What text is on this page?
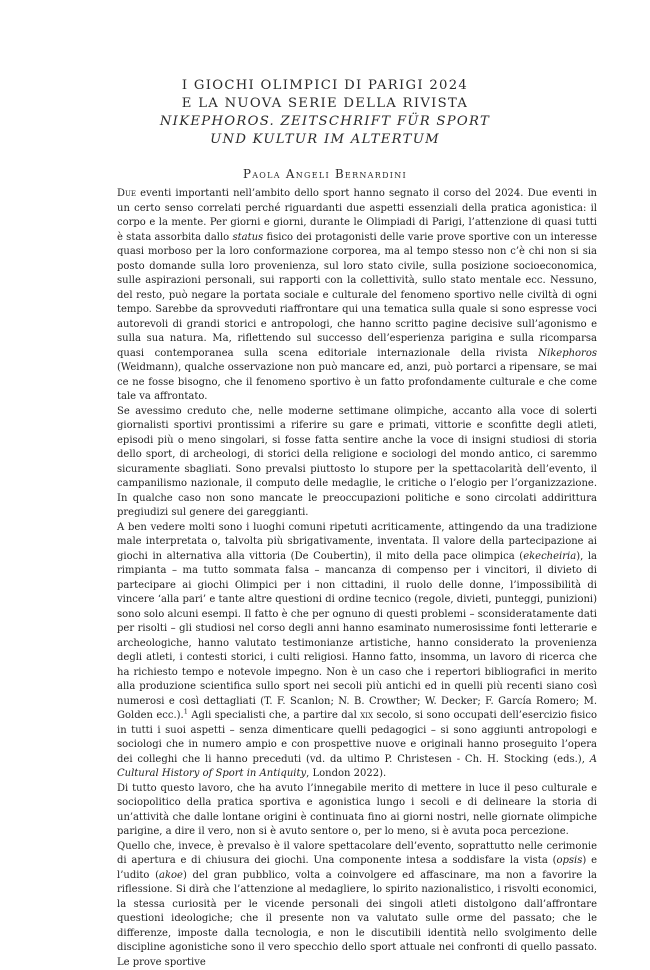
I GIOCHI OLIMPICI DI PARIGI 2024
E LA NUOVA SERIE DELLA RIVISTA
NIKEPHOROS. ZEITSCHRIFT FÜR SPORT
UND KULTUR IM ALTERTUM
Paola Angeli Bernardini

Due eventi importanti nell’ambito dello sport hanno segnato il corso del 2024. Due eventi in un certo senso correlati perché riguardanti due aspetti essenziali della pratica agonistica: il corpo e la mente. Per giorni e giorni, durante le Olimpiadi di Parigi, l’attenzione di quasi tutti è stata assorbita dallo status fisico dei protagonisti delle varie prove sportive con un interesse quasi morboso per la loro conformazione corporea, ma al tempo stesso non c’è chi non si sia posto domande sulla loro provenienza, sul loro stato civile, sulla posizione socioeconomica, sulle aspirazioni personali, sui rapporti con la collettività, sullo stato mentale ecc. Nessuno, del resto, può negare la portata sociale e culturale del fenomeno sportivo nelle civiltà di ogni tempo. Sarebbe da sprovveduti riaffrontare qui una tematica sulla quale si sono espresse voci autorevoli di grandi storici e antropologi, che hanno scritto pagine decisive sull’agonismo e sulla sua natura. Ma, riflettendo sul successo dell’esperienza parigina e sulla ricomparsa quasi contemporanea sulla scena editoriale internazionale della rivista Nikephoros (Weidmann), qualche osservazione non può mancare ed, anzi, può portarci a ripensare, se mai ce ne fosse bisogno, che il fenomeno sportivo è un fatto profondamente culturale e che come tale va affrontato.

Se avessimo creduto che, nelle moderne settimane olimpiche, accanto alla voce di solerti giornalisti sportivi prontissimi a riferire su gare e primati, vittorie e sconfitte degli atleti, episodi più o meno singolari, si fosse fatta sentire anche la voce di insigni studiosi di storia dello sport, di archeologi, di storici della religione e sociologi del mondo antico, ci saremmo sicuramente sbagliati. Sono prevalsi piuttosto lo stupore per la spettacolarità dell’evento, il campanilismo nazionale, il computo delle medaglie, le critiche o l’elogio per l’organizzazione. In qualche caso non sono mancate le preoccupazioni politiche e sono circolati addirittura pregiudizi sul genere dei gareggianti.

A ben vedere molti sono i luoghi comuni ripetuti acriticamente, attingendo da una tradizione male interpretata o, talvolta più sbrigativamente, inventata. Il valore della partecipazione ai giochi in alternativa alla vittoria (De Coubertin), il mito della pace olimpica (ekecheiria), la rimpianta – ma tutto sommata falsa – mancanza di compenso per i vincitori, il divieto di partecipare ai giochi Olimpici per i non cittadini, il ruolo delle donne, l’impossibilità di vincere ‘alla pari’ e tante altre questioni di ordine tecnico (regole, divieti, punteggi, punizioni) sono solo alcuni esempi. Il fatto è che per ognuno di questi problemi – sconsideratamente dati per risolti – gli studiosi nel corso degli anni hanno esaminato numerosissime fonti letterarie e archeologiche, hanno valutato testimonianze artistiche, hanno considerato la provenienza degli atleti, i contesti storici, i culti religiosi. Hanno fatto, insomma, un lavoro di ricerca che ha richiesto tempo e notevole impegno. Non è un caso che i repertori bibliografici in merito alla produzione scientifica sullo sport nei secoli più antichi ed in quelli più recenti siano così numerosi e così dettagliati (T. F. Scanlon; N. B. Crowther; W. Decker; F. García Romero; M. Golden ecc.).$^1$ Agli specialisti che, a partire dal xix secolo, si sono occupati dell’esercizio fisico in tutti i suoi aspetti – senza dimenticare quelli pedagogici – si sono aggiunti antropologi e sociologi che in numero ampio e con prospettive nuove e originali hanno proseguito l’opera dei colleghi che li hanno preceduti (vd. da ultimo P. Christesen - Ch. H. Stocking (eds.), A Cultural History of Sport in Antiquity, London 2022).

Di tutto questo lavoro, che ha avuto l’innegabile merito di mettere in luce il peso culturale e sociopolitico della pratica sportiva e agonistica lungo i secoli e di delineare la storia di un’attività che dalle lontane origini è continuata fino ai giorni nostri, nelle giornate olimpiche parigine, a dire il vero, non si è avuto sentore o, per lo meno, si è avuta poca percezione.

Quello che, invece, è prevalso è il valore spettacolare dell’evento, soprattutto nelle cerimonie di apertura e di chiusura dei giochi. Una componente intesa a soddisfare la vista (opsis) e l’udito (akoe) del gran pubblico, volta a coinvolgere ed affascinare, ma non a favorire la riflessione. Si dirà che l’attenzione al medagliere, lo spirito nazionalistico, i risvolti economici, la stessa curiosità per le vicende personali dei singoli atleti distolgono dall’affrontare questioni ideologiche; che il presente non va valutato sulle orme del passato; che le differenze, imposte dalla tecnologia, e non le discutibili identità nello svolgimento delle discipline agonistiche sono il vero specchio dello sport attuale nei confronti di quello passato. Le prove sportive
